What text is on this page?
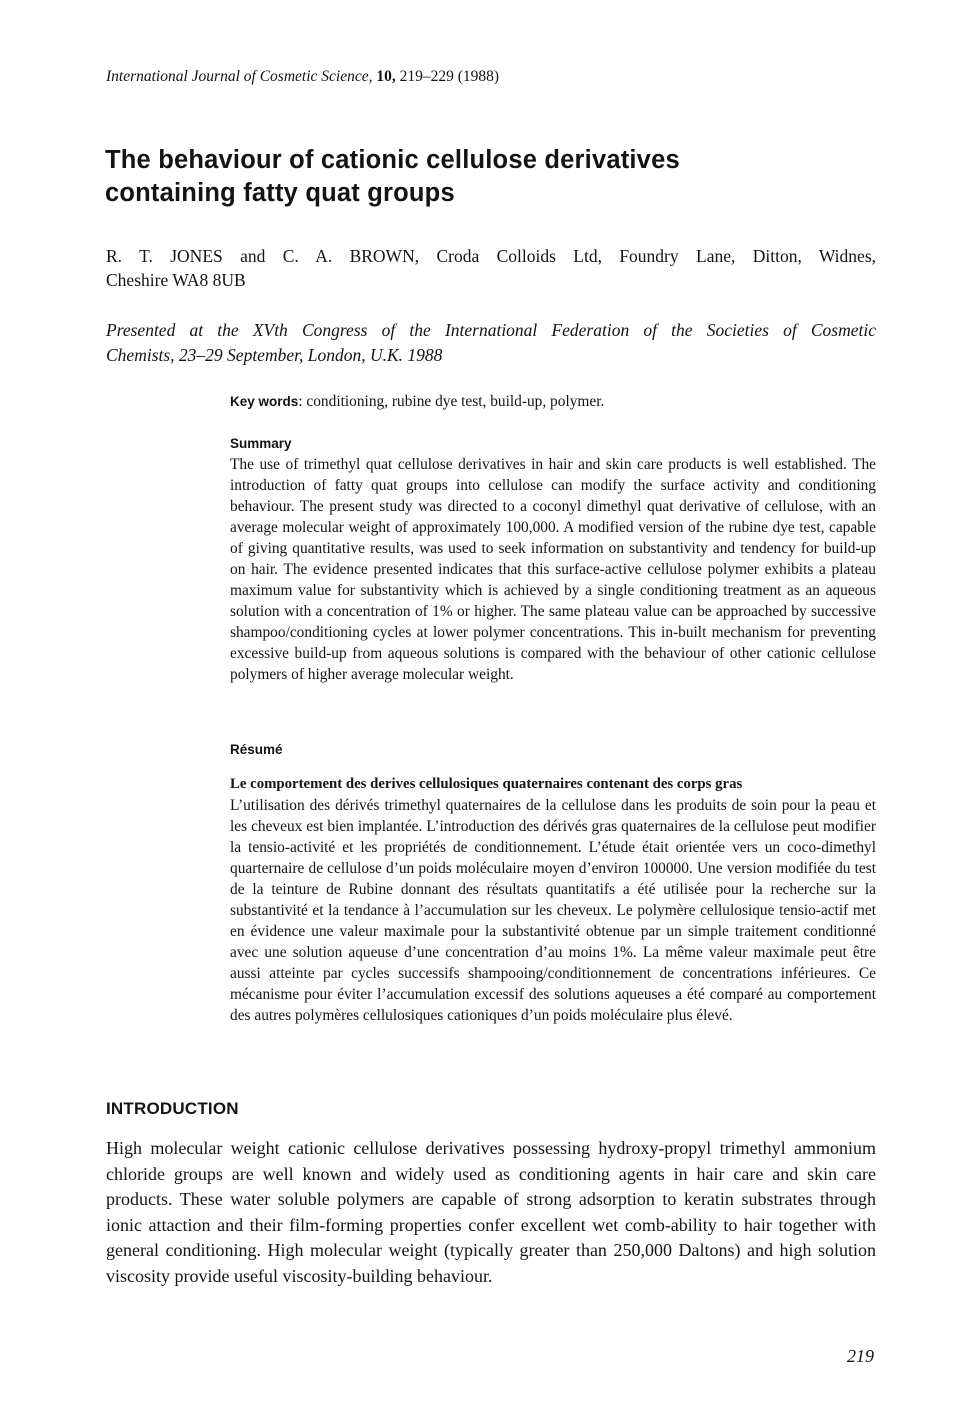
International Journal of Cosmetic Science, 10, 219–229 (1988)
The behaviour of cationic cellulose derivatives
containing fatty quat groups
R. T. JONES and C. A. BROWN, Croda Colloids Ltd, Foundry Lane, Ditton, Widnes,
Cheshire WA8 8UB
Presented at the XVth Congress of the International Federation of the Societies of Cosmetic
Chemists, 23–29 September, London, U.K. 1988
Key words: conditioning, rubine dye test, build-up, polymer.
Summary
The use of trimethyl quat cellulose derivatives in hair and skin care products is well established. The introduction of fatty quat groups into cellulose can modify the surface activity and conditioning behaviour. The present study was directed to a coconyl dimethyl quat derivative of cellulose, with an average molecular weight of approximately 100,000. A modified version of the rubine dye test, capable of giving quantitative results, was used to seek information on substantivity and tendency for build-up on hair. The evidence presented indicates that this surface-active cellulose polymer exhibits a plateau maximum value for substantivity which is achieved by a single conditioning treatment as an aqueous solution with a concentration of 1% or higher. The same plateau value can be approached by successive shampoo/conditioning cycles at lower polymer concentrations. This in-built mechanism for preventing excessive build-up from aqueous solutions is compared with the behaviour of other cationic cellulose polymers of higher average molecular weight.
Résumé
Le comportement des derives cellulosiques quaternaires contenant des corps gras
L’utilisation des dérivés trimethyl quaternaires de la cellulose dans les produits de soin pour la peau et les cheveux est bien implantée. L’introduction des dérivés gras quaternaires de la cellulose peut modifier la tensio-activité et les propriétés de conditionnement. L’étude était orientée vers un coco-dimethyl quarternaire de cellulose d’un poids moléculaire moyen d’environ 100000. Une version modifiée du test de la teinture de Rubine donnant des résultats quantitatifs a été utilisée pour la recherche sur la substantivité et la tendance à l’accumulation sur les cheveux. Le polymère cellulosique tensio-actif met en évidence une valeur maximale pour la substantivité obtenue par un simple traitement conditionné avec une solution aqueuse d’une concentration d’au moins 1%. La même valeur maximale peut être aussi atteinte par cycles successifs shampooing/conditionnement de concentrations inférieures. Ce mécanisme pour éviter l’accumulation excessif des solutions aqueuses a été comparé au comportement des autres polymères cellulosiques cationiques d’un poids moléculaire plus élevé.
INTRODUCTION
High molecular weight cationic cellulose derivatives possessing hydroxy-propyl trimethyl ammonium chloride groups are well known and widely used as conditioning agents in hair care and skin care products. These water soluble polymers are capable of strong adsorption to keratin substrates through ionic attaction and their film-forming properties confer excellent wet comb-ability to hair together with general conditioning. High molecular weight (typically greater than 250,000 Daltons) and high solution viscosity provide useful viscosity-building behaviour.
219
